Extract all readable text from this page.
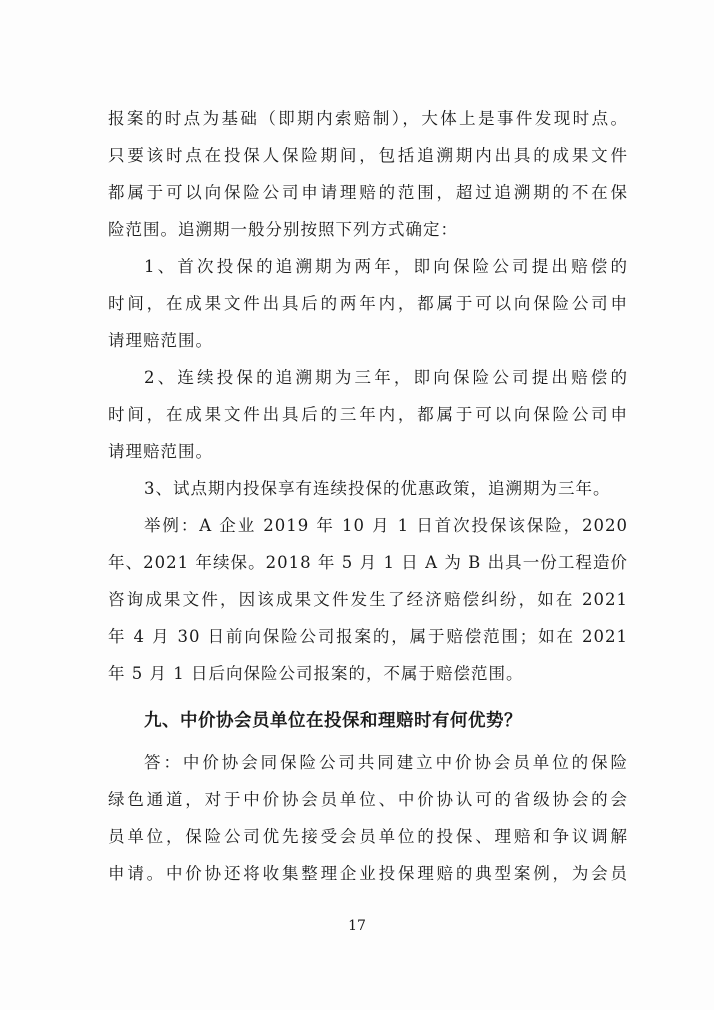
报案的时点为基础（即期内索赔制），大体上是事件发现时点。
只要该时点在投保人保险期间，包括追溯期内出具的成果文件
都属于可以向保险公司申请理赔的范围，超过追溯期的不在保
险范围。追溯期一般分别按照下列方式确定：
1、首次投保的追溯期为两年，即向保险公司提出赔偿的
时间，在成果文件出具后的两年内，都属于可以向保险公司申
请理赔范围。
2、连续投保的追溯期为三年，即向保险公司提出赔偿的
时间，在成果文件出具后的三年内，都属于可以向保险公司申
请理赔范围。
3、试点期内投保享有连续投保的优惠政策，追溯期为三年。
举例：A 企业 2019 年 10 月 1 日首次投保该保险，2020
年、2021 年续保。2018 年 5 月 1 日 A 为 B 出具一份工程造价
咨询成果文件，因该成果文件发生了经济赔偿纠纷，如在 2021
年 4 月 30 日前向保险公司报案的，属于赔偿范围；如在 2021
年 5 月 1 日后向保险公司报案的，不属于赔偿范围。
九、中价协会员单位在投保和理赔时有何优势？
答：中价协会同保险公司共同建立中价协会员单位的保险
绿色通道，对于中价协会员单位、中价协认可的省级协会的会
员单位，保险公司优先接受会员单位的投保、理赔和争议调解
申请。中价协还将收集整理企业投保理赔的典型案例，为会员
17
